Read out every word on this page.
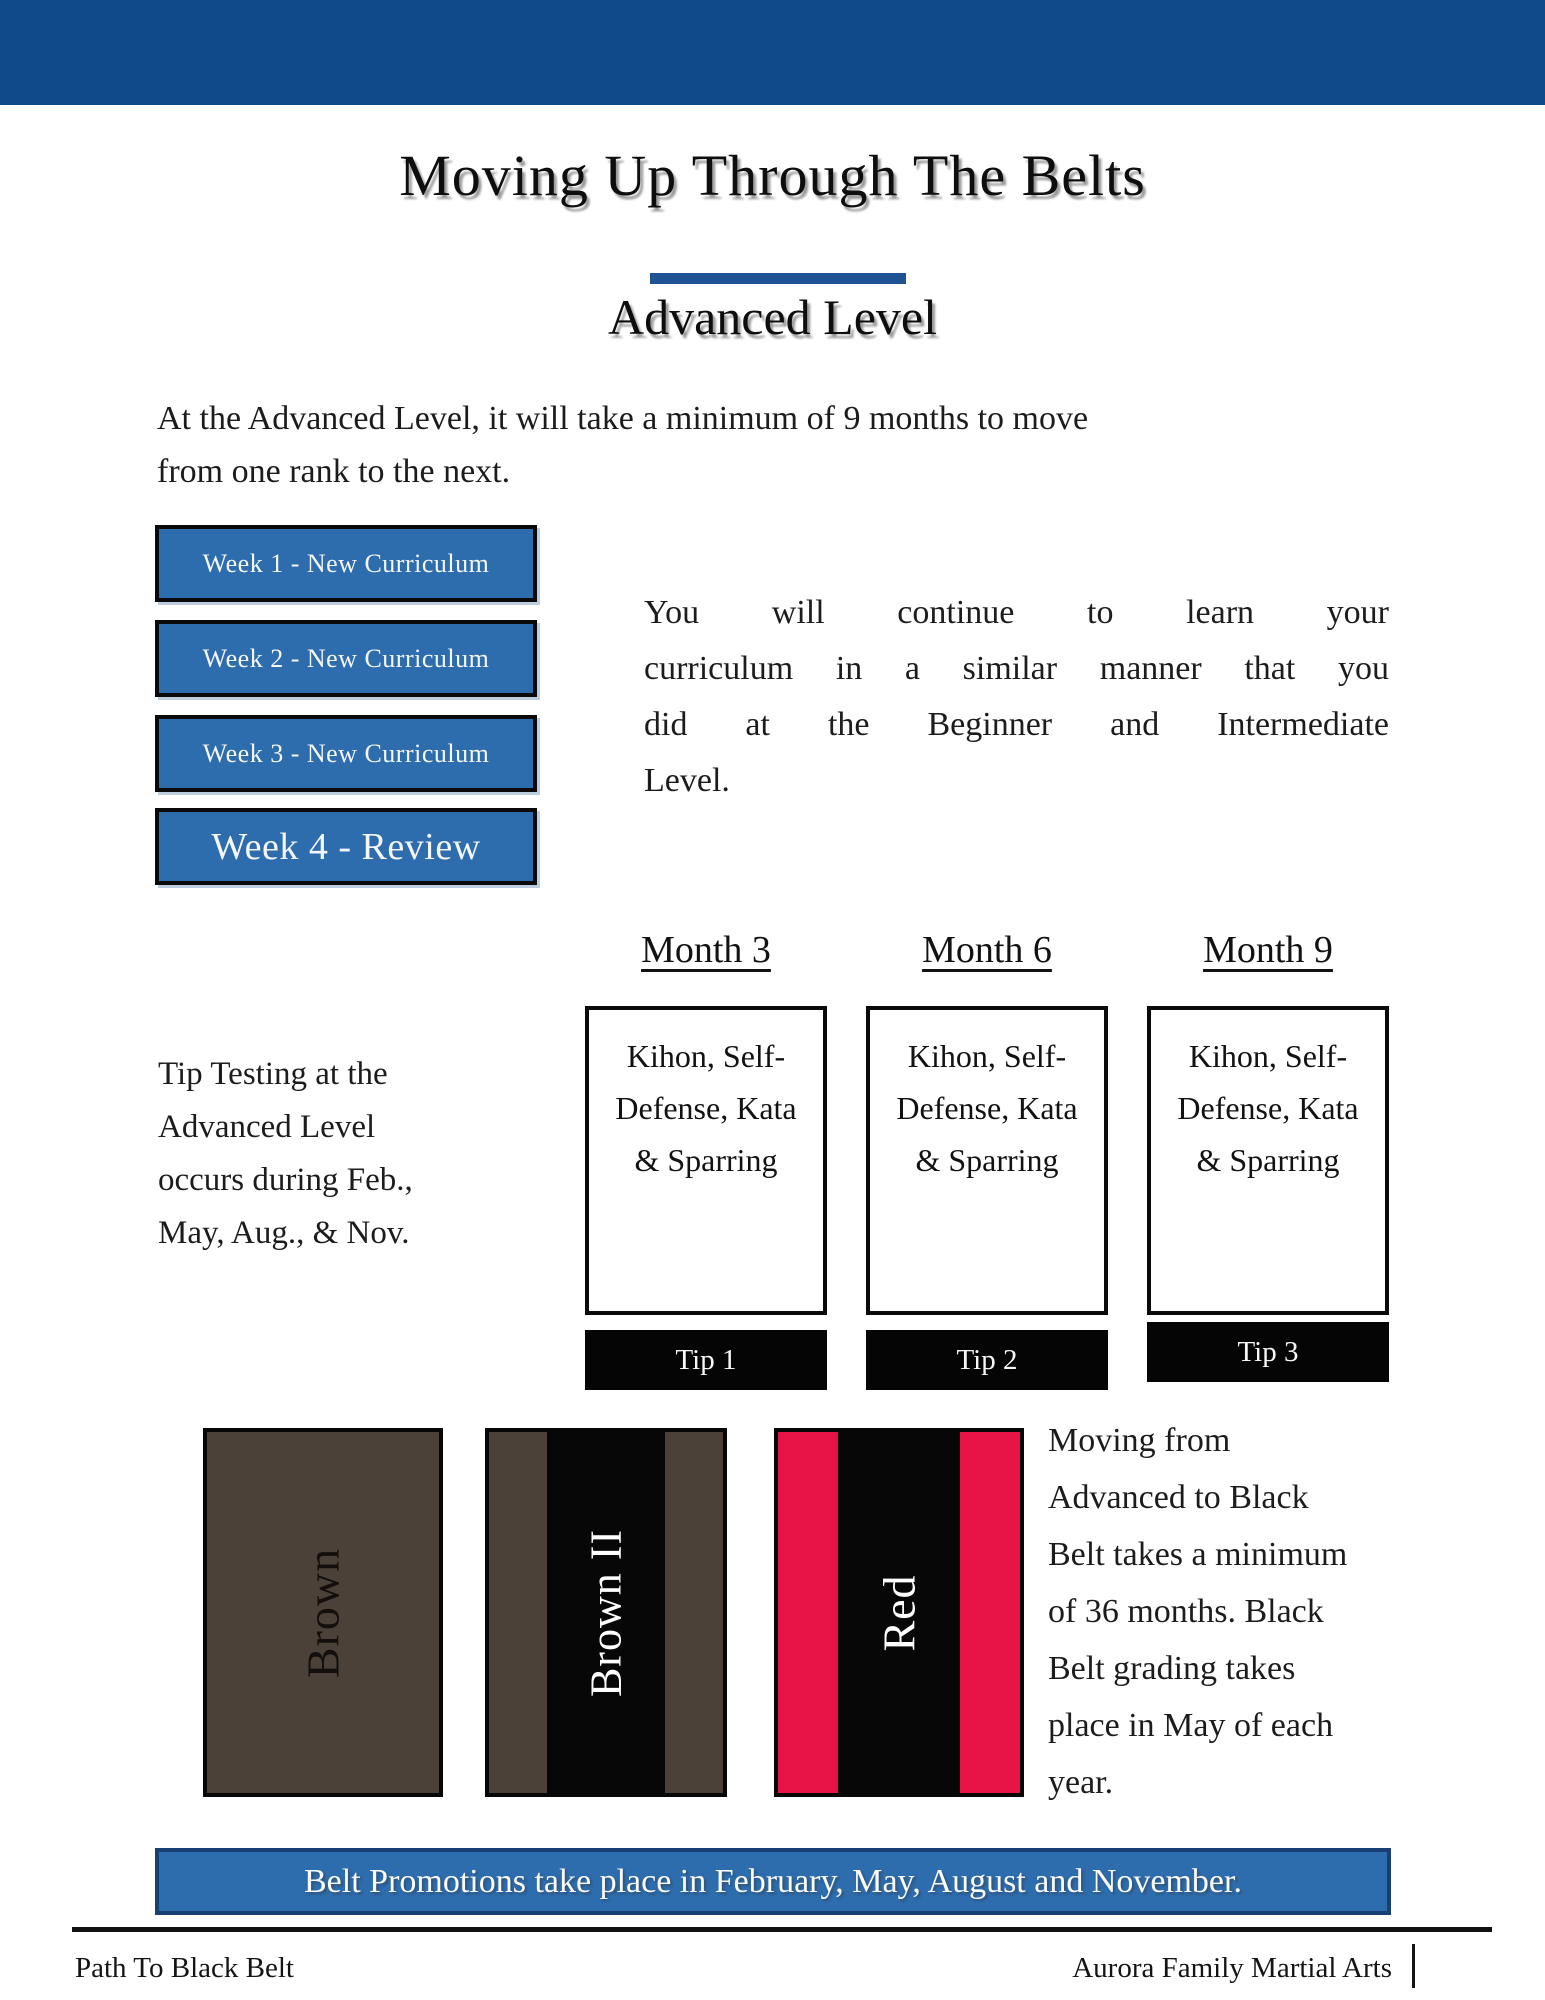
Moving Up Through The Belts
Advanced Level
At the Advanced Level, it will take a minimum of 9 months to move
from one rank to the next.
Week 1 - New Curriculum
Week 2 - New Curriculum
Week 3 - New Curriculum
Week 4 - Review
You will continue to learn your
curriculum in a similar manner that you
did at the Beginner and Intermediate
Level.
Month 3	Month 6	Month 9
Kihon, Self-Defense, Kata & Sparring
Kihon, Self-Defense, Kata & Sparring
Kihon, Self-Defense, Kata & Sparring
Tip 1	Tip 2	Tip 3
Tip Testing at the
Advanced Level
occurs during Feb.,
May, Aug., & Nov.
Brown	Brown II	Red
Moving from
Advanced to Black
Belt takes a minimum
of 36 months. Black
Belt grading takes
place in May of each
year.
Belt Promotions take place in February, May, August and November.
Path To Black Belt	Aurora Family Martial Arts
